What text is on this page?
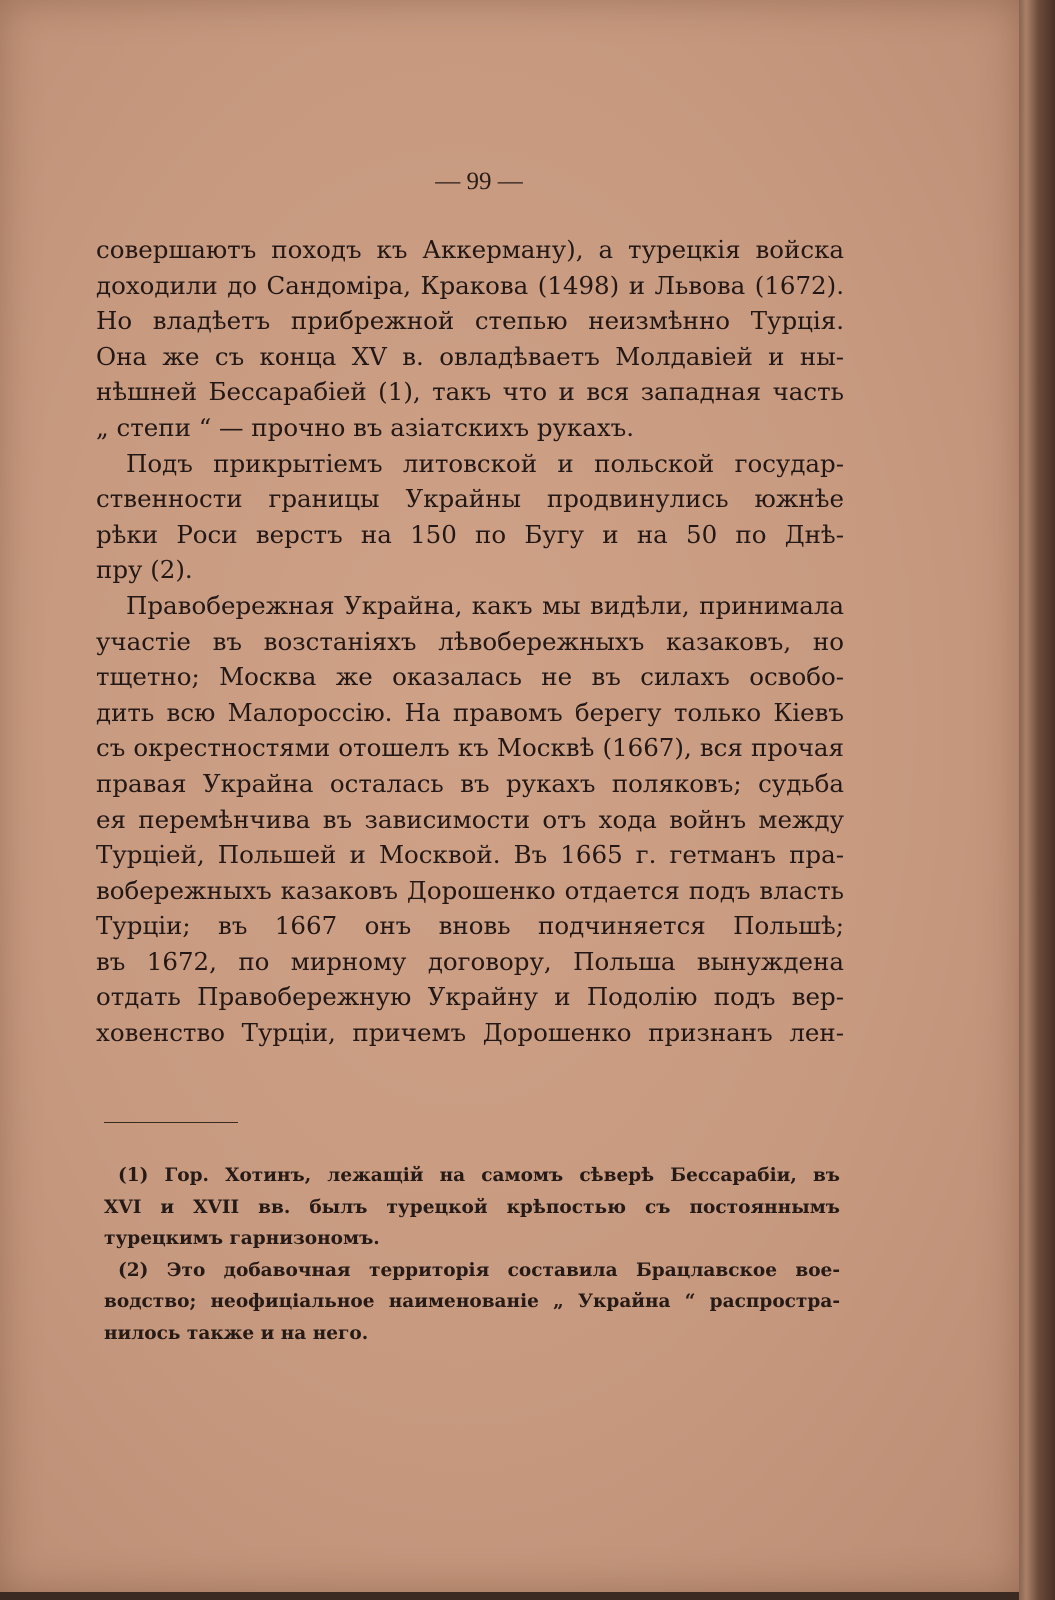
— 99 —
совершаютъ походъ къ Аккерману), а турецкія войска
доходили до Сандоміра, Кракова (1498) и Львова (1672).
Но владѣетъ прибрежной степью неизмѣнно Турція.
Она же съ конца XV в. овладѣваетъ Молдавіей и ны-
нѣшней Бессарабіей (1), такъ что и вся западная часть
„ степи “ — прочно въ азіатскихъ рукахъ.
Подъ прикрытіемъ литовской и польской государ-
ственности границы Украйны продвинулись южнѣе
рѣки Роси верстъ на 150 по Бугу и на 50 по Днѣ-
пру (2).
Правобережная Украйна, какъ мы видѣли, принимала
участіе въ возстаніяхъ лѣвобережныхъ казаковъ, но
тщетно; Москва же оказалась не въ силахъ освобо-
дить всю Малороссію. На правомъ берегу только Кіевъ
съ окрестностями отошелъ къ Москвѣ (1667), вся прочая
правая Украйна осталась въ рукахъ поляковъ; судьба
ея перемѣнчива въ зависимости отъ хода войнъ между
Турціей, Польшей и Москвой. Въ 1665 г. гетманъ пра-
вобережныхъ казаковъ Дорошенко отдается подъ власть
Турціи; въ 1667 онъ вновь подчиняется Польшѣ;
въ 1672, по мирному договору, Польша вынуждена
отдать Правобережную Украйну и Подолію подъ вер-
ховенство Турціи, причемъ Дорошенко признанъ лен-
(1) Гор. Хотинъ, лежащій на самомъ сѣверѣ Бессарабіи, въ
XVI и XVII вв. былъ турецкой крѣпостью съ постояннымъ
турецкимъ гарнизономъ.
(2) Это добавочная территорія составила Брацлавское вое-
водство; неофиціальное наименованіе „ Украйна “ распростра-
нилось также и на него.
